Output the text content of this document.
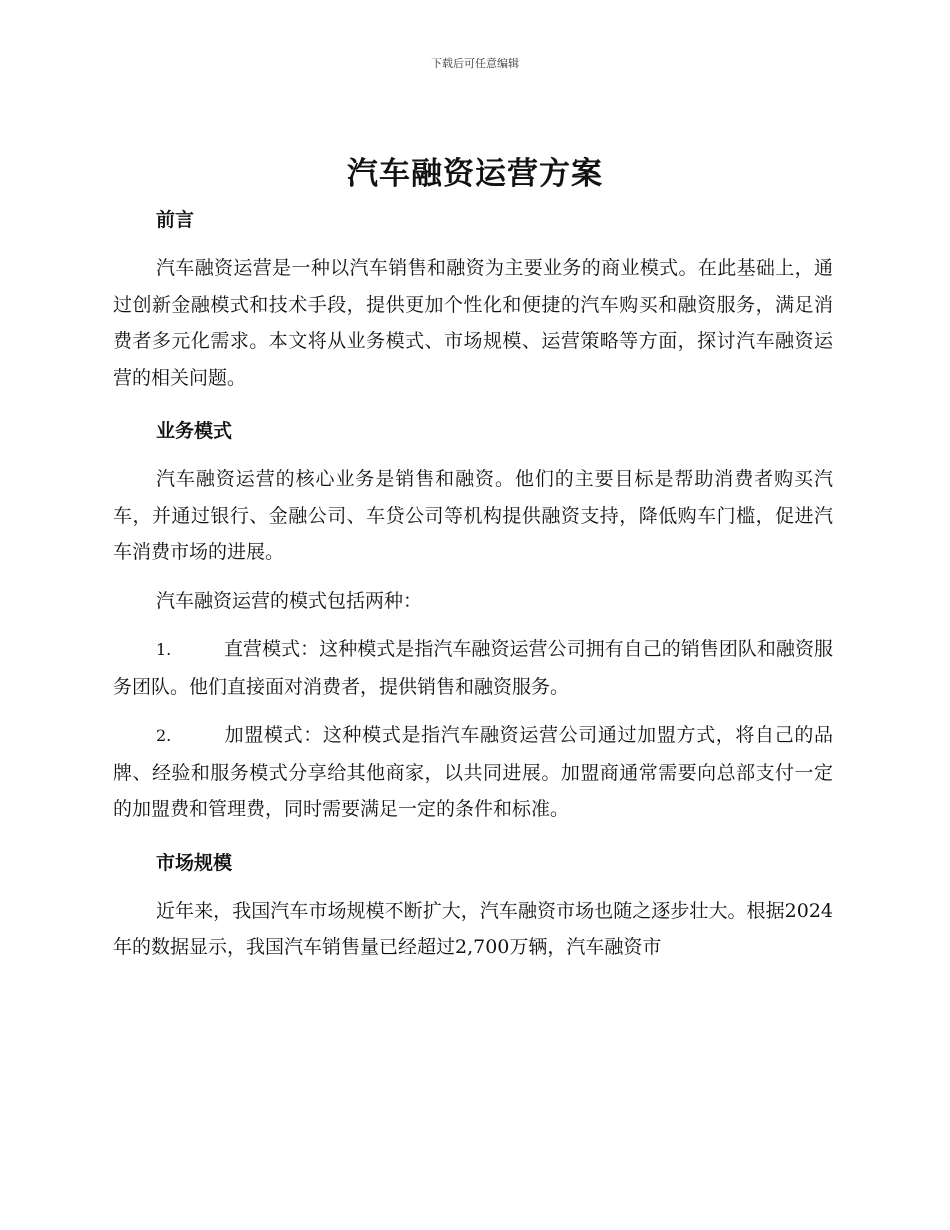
下载后可任意编辑
汽车融资运营方案
前言

汽车融资运营是一种以汽车销售和融资为主要业务的商业模式。在此基础上，通过创新金融模式和技术手段，提供更加个性化和便捷的汽车购买和融资服务，满足消费者多元化需求。本文将从业务模式、市场规模、运营策略等方面，探讨汽车融资运营的相关问题。

业务模式

汽车融资运营的核心业务是销售和融资。他们的主要目标是帮助消费者购买汽车，并通过银行、金融公司、车贷公司等机构提供融资支持，降低购车门槛，促进汽车消费市场的进展。

汽车融资运营的模式包括两种：

1.	直营模式：这种模式是指汽车融资运营公司拥有自己的销售团队和融资服务团队。他们直接面对消费者，提供销售和融资服务。

2.	加盟模式：这种模式是指汽车融资运营公司通过加盟方式，将自己的品牌、经验和服务模式分享给其他商家，以共同进展。加盟商通常需要向总部支付一定的加盟费和管理费，同时需要满足一定的条件和标准。

市场规模

近年来，我国汽车市场规模不断扩大，汽车融资市场也随之逐步壮大。根据2024年的数据显示，我国汽车销售量已经超过2,700万辆，汽车融资市
